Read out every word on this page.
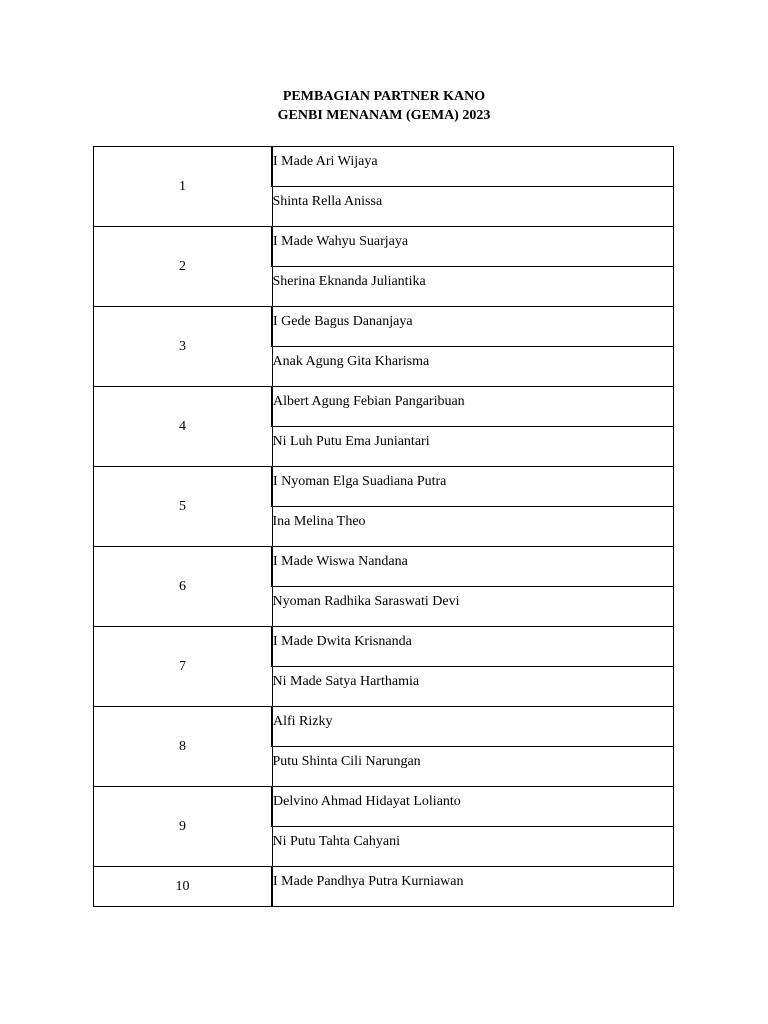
PEMBAGIAN PARTNER KANO
GENBI MENANAM (GEMA) 2023
1	I Made Ari Wijaya

	Shinta Rella Anissa

2	I Made Wahyu Suarjaya

	Sherina Eknanda Juliantika

3	I Gede Bagus Dananjaya

	Anak Agung Gita Kharisma

4	Albert Agung Febian Pangaribuan

	Ni Luh Putu Ema Juniantari

5	I Nyoman Elga Suadiana Putra

	Ina Melina Theo

6	I Made Wiswa Nandana

	Nyoman Radhika Saraswati Devi

7	I Made Dwita Krisnanda

	Ni Made Satya Harthamia

8	Alfi Rizky

	Putu Shinta Cili Narungan

9	Delvino Ahmad Hidayat Lolianto

	Ni Putu Tahta Cahyani

10	I Made Pandhya Putra Kurniawan
